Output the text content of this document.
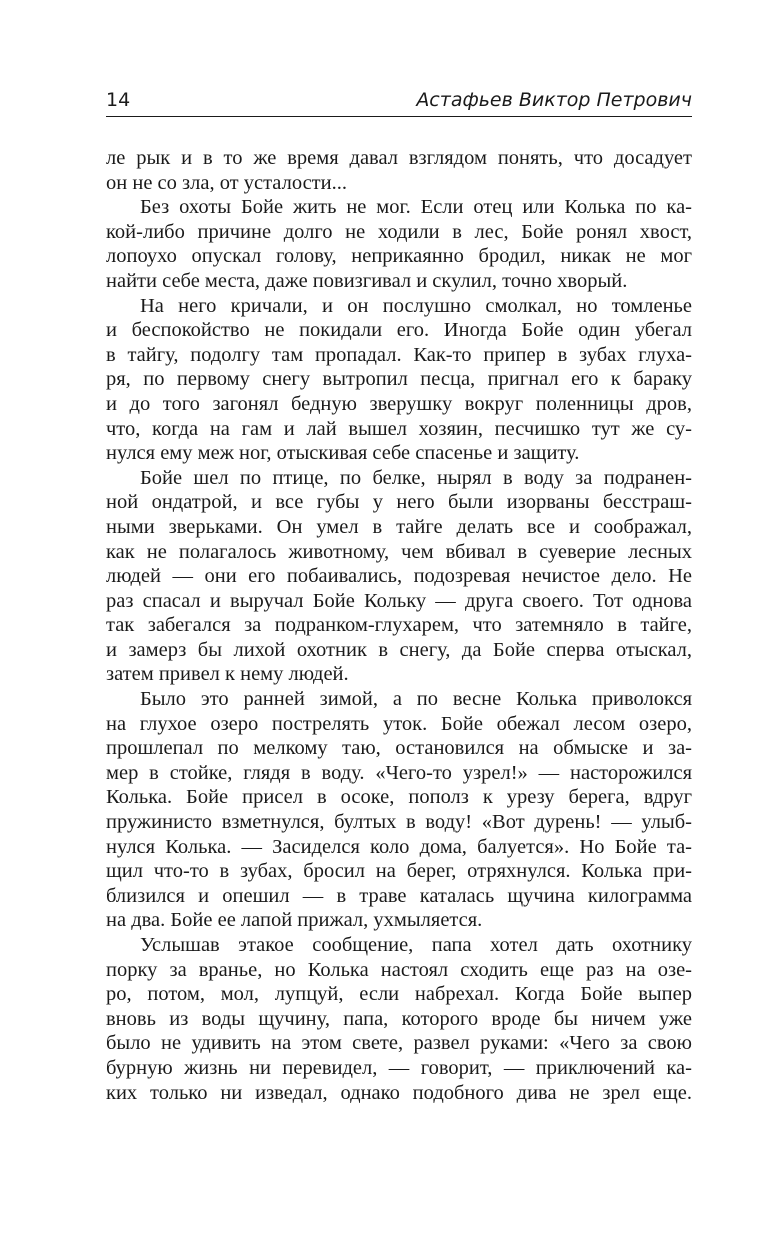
14	Астафьев Виктор Петрович
ле рык и в то же время давал взглядом понять, что досадует
он не со зла, от усталости...
Без охоты Бойе жить не мог. Если отец или Колька по ка-
кой-либо причине долго не ходили в лес, Бойе ронял хвост,
лопоухо опускал голову, неприкаянно бродил, никак не мог
найти себе места, даже повизгивал и скулил, точно хворый.
На него кричали, и он послушно смолкал, но томленье
и беспокойство не покидали его. Иногда Бойе один убегал
в тайгу, подолгу там пропадал. Как-то припер в зубах глуха-
ря, по первому снегу вытропил песца, пригнал его к бараку
и до того загонял бедную зверушку вокруг поленницы дров,
что, когда на гам и лай вышел хозяин, песчишко тут же су-
нулся ему меж ног, отыскивая себе спасенье и защиту.
Бойе шел по птице, по белке, нырял в воду за подранен-
ной ондатрой, и все губы у него были изорваны бесстраш-
ными зверьками. Он умел в тайге делать все и соображал,
как не полагалось животному, чем вбивал в суеверие лесных
людей — они его побаивались, подозревая нечистое дело. Не
раз спасал и выручал Бойе Кольку — друга своего. Тот однова
так забегался за подранком-глухарем, что затемняло в тайге,
и замерз бы лихой охотник в снегу, да Бойе сперва отыскал,
затем привел к нему людей.
Было это ранней зимой, а по весне Колька приволокся
на глухое озеро пострелять уток. Бойе обежал лесом озеро,
прошлепал по мелкому таю, остановился на обмыске и за-
мер в стойке, глядя в воду. «Чего-то узрел!» — насторожился
Колька. Бойе присел в осоке, пополз к урезу берега, вдруг
пружинисто взметнулся, бултых в воду! «Вот дурень! — улыб-
нулся Колька. — Засиделся коло дома, балуется». Но Бойе та-
щил что-то в зубах, бросил на берег, отряхнулся. Колька при-
близился и опешил — в траве каталась щучина килограмма
на два. Бойе ее лапой прижал, ухмыляется.
Услышав этакое сообщение, папа хотел дать охотнику
порку за вранье, но Колька настоял сходить еще раз на озе-
ро, потом, мол, лупцуй, если набрехал. Когда Бойе выпер
вновь из воды щучину, папа, которого вроде бы ничем уже
было не удивить на этом свете, развел руками: «Чего за свою
бурную жизнь ни перевидел, — говорит, — приключений ка-
ких только ни изведал, однако подобного дива не зрел еще.
